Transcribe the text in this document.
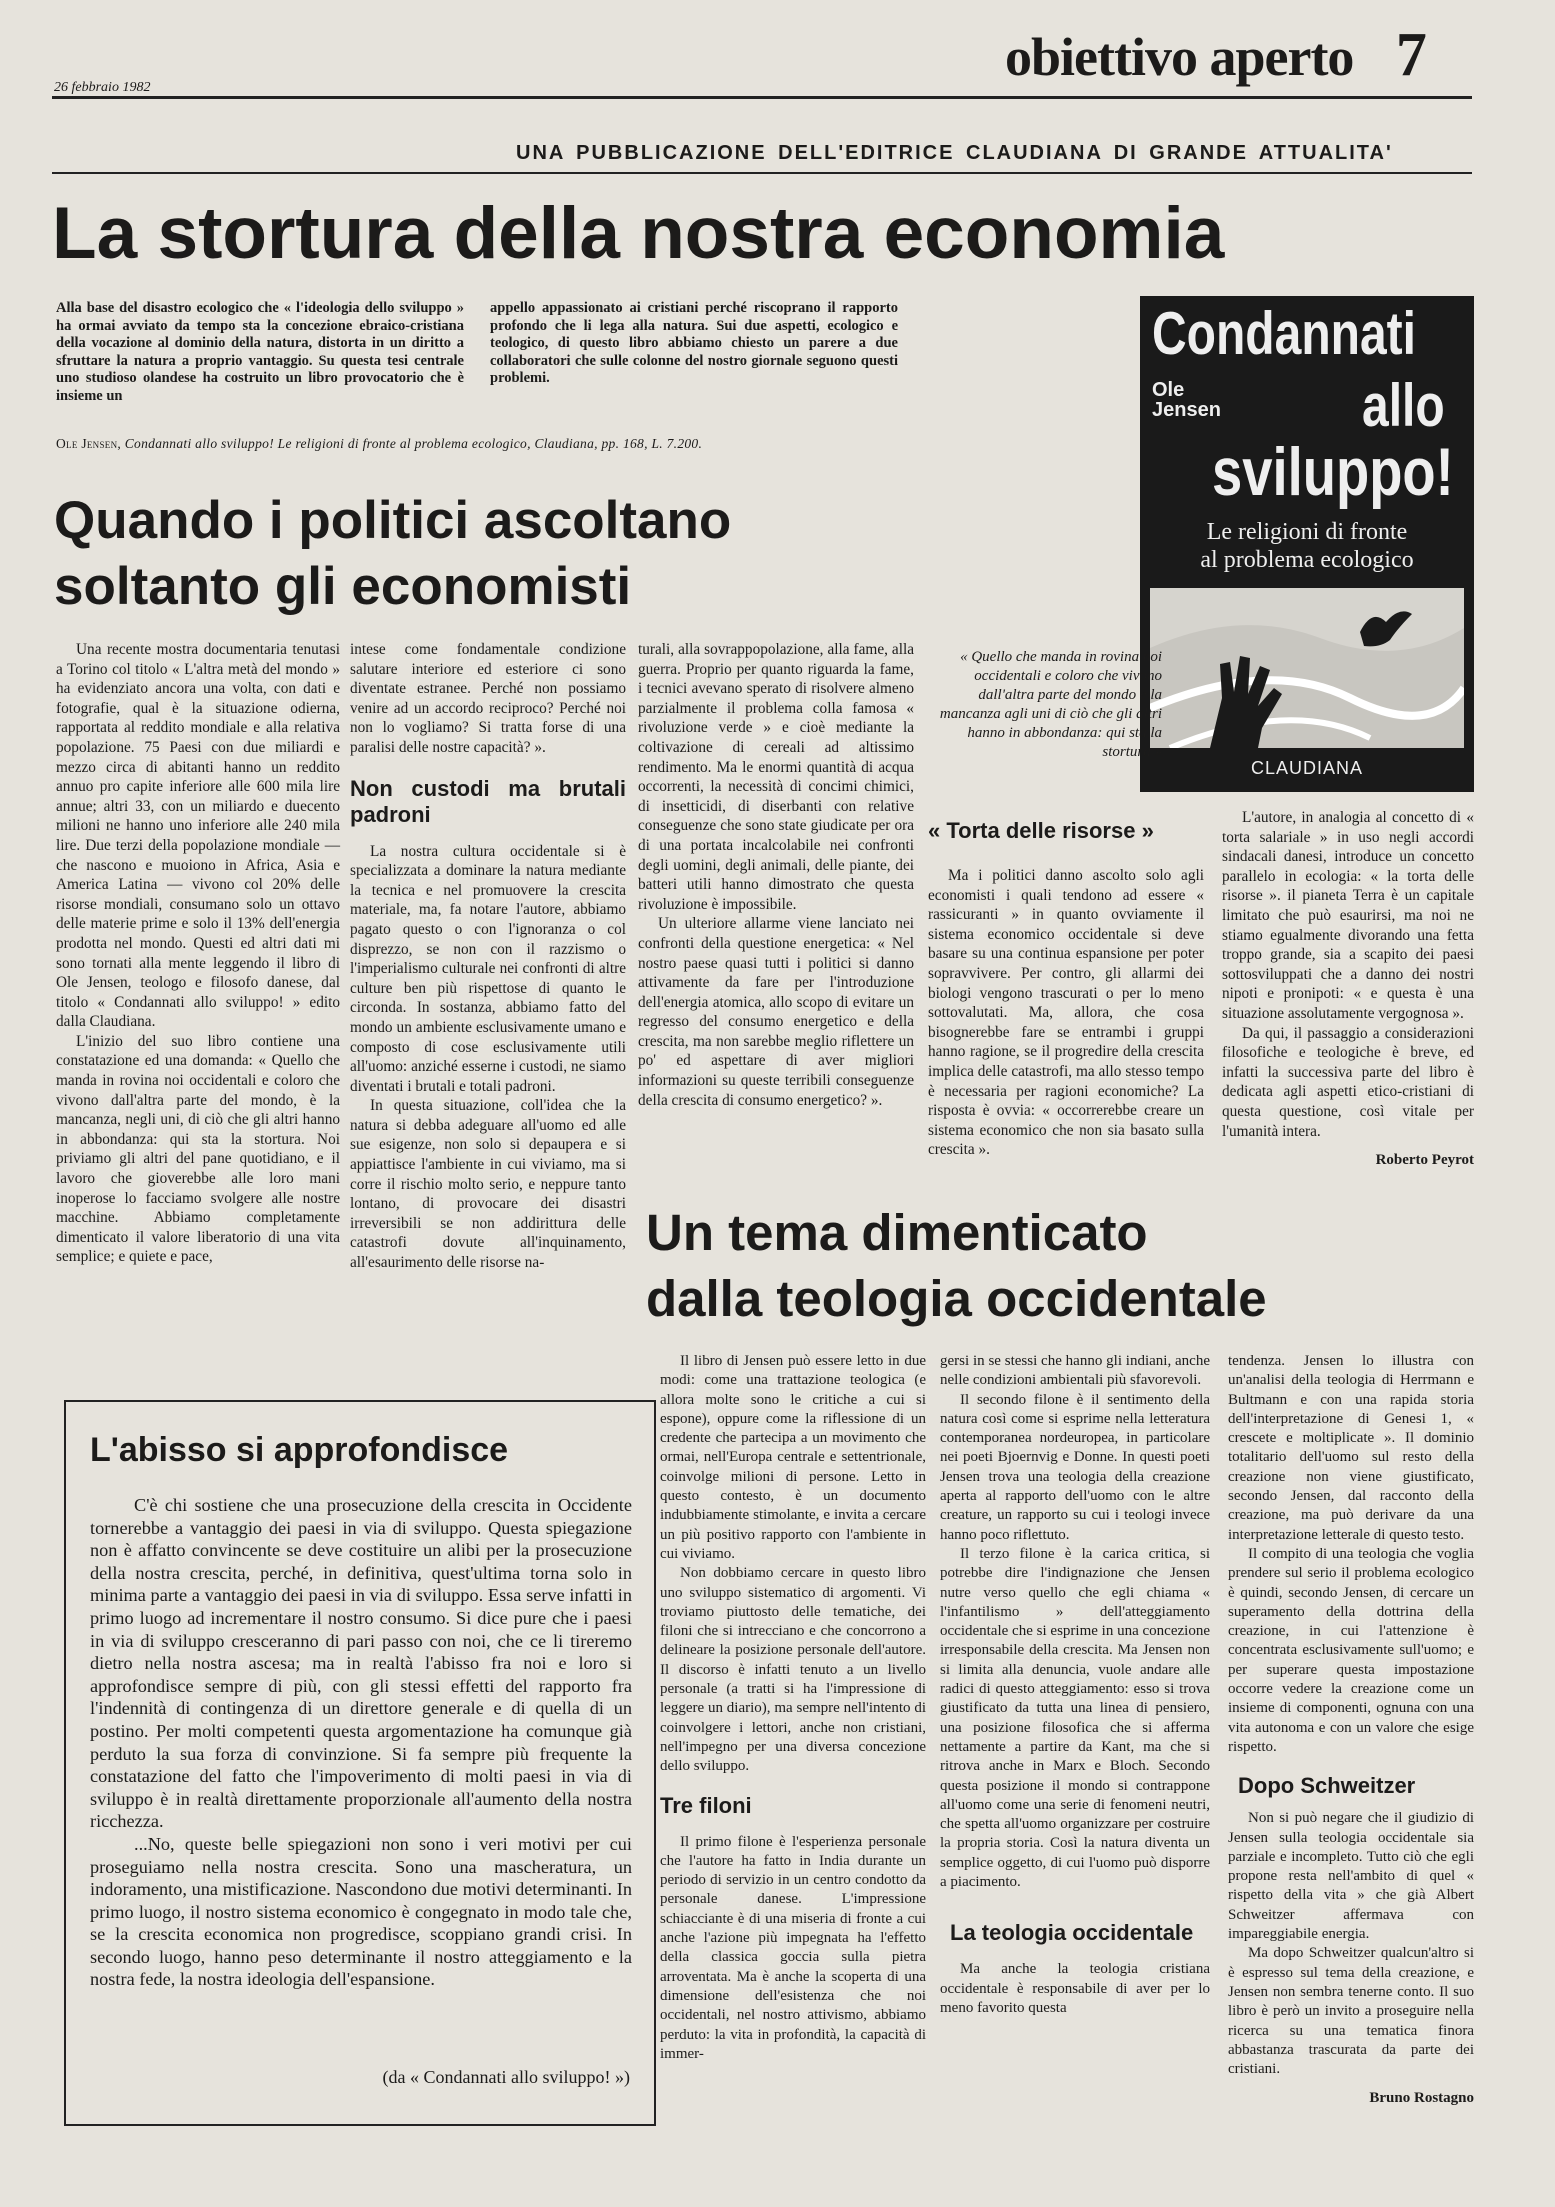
26 febbraio 1982
obiettivo aperto 7
UNA PUBBLICAZIONE DELL'EDITRICE CLAUDIANA DI GRANDE ATTUALITA'
La stortura della nostra economia

Alla base del disastro ecologico che « l'ideologia dello sviluppo » ha ormai avviato da tempo sta la concezione ebraico-cristiana della vocazione al dominio della natura, distorta in un diritto a sfruttare la natura a proprio vantaggio. Su questa tesi centrale uno studioso olandese ha costruito un libro provocatorio che è insieme un

appello appassionato ai cristiani perché riscoprano il rapporto profondo che li lega alla natura. Sui due aspetti, ecologico e teologico, di questo libro abbiamo chiesto un parere a due collaboratori che sulle colonne del nostro giornale seguono questi problemi.

Ole Jensen, Condannati allo sviluppo! Le religioni di fronte al problema ecologico, Claudiana, pp. 168, L. 7.200.
Condannati
Ole
Jensen allo
sviluppo!
Le religioni di fronte
al problema ecologico
CLAUDIANA
Quando i politici ascoltano
soltanto gli economisti

Una recente mostra documentaria tenutasi a Torino col titolo « L'altra metà del mondo » ha evidenziato ancora una volta, con dati e fotografie, qual è la situazione odierna, rapportata al reddito mondiale e alla relativa popolazione. 75 Paesi con due miliardi e mezzo circa di abitanti hanno un reddito annuo pro capite inferiore alle 600 mila lire annue; altri 33, con un miliardo e duecento milioni ne hanno uno inferiore alle 240 mila lire. Due terzi della popolazione mondiale — che nascono e muoiono in Africa, Asia e America Latina — vivono col 20% delle risorse mondiali, consumano solo un ottavo delle materie prime e solo il 13% dell'energia prodotta nel mondo. Questi ed altri dati mi sono tornati alla mente leggendo il libro di Ole Jensen, teologo e filosofo danese, dal titolo « Condannati allo sviluppo! » edito dalla Claudiana.

L'inizio del suo libro contiene una constatazione ed una domanda: « Quello che manda in rovina noi occidentali e coloro che vivono dall'altra parte del mondo, è la mancanza, negli uni, di ciò che gli altri hanno in abbondanza: qui sta la stortura. Noi priviamo gli altri del pane quotidiano, e il lavoro che gioverebbe alle loro mani inoperose lo facciamo svolgere alle nostre macchine. Abbiamo completamente dimenticato il valore liberatorio di una vita semplice; e quiete e pace,

intese come fondamentale condizione salutare interiore ed esteriore ci sono diventate estranee. Perché non possiamo venire ad un accordo reciproco? Perché noi non lo vogliamo? Si tratta forse di una paralisi delle nostre capacità? ».

Non custodi ma brutali padroni

La nostra cultura occidentale si è specializzata a dominare la natura mediante la tecnica e nel promuovere la crescita materiale, ma, fa notare l'autore, abbiamo pagato questo o con l'ignoranza o col disprezzo, se non con il razzismo o l'imperialismo culturale nei confronti di altre culture ben più rispettose di quanto le circonda. In sostanza, abbiamo fatto del mondo un ambiente esclusivamente umano e composto di cose esclusivamente utili all'uomo: anziché esserne i custodi, ne siamo diventati i brutali e totali padroni.

In questa situazione, coll'idea che la natura si debba adeguare all'uomo ed alle sue esigenze, non solo si depaupera e si appiattisce l'ambiente in cui viviamo, ma si corre il rischio molto serio, e neppure tanto lontano, di provocare dei disastri irreversibili se non addirittura delle catastrofi dovute all'inquinamento, all'esaurimento delle risorse na-

turali, alla sovrappopolazione, alla fame, alla guerra. Proprio per quanto riguarda la fame, i tecnici avevano sperato di risolvere almeno parzialmente il problema colla famosa « rivoluzione verde » e cioè mediante la coltivazione di cereali ad altissimo rendimento. Ma le enormi quantità di acqua occorrenti, la necessità di concimi chimici, di insetticidi, di diserbanti con relative conseguenze che sono state giudicate per ora di una portata incalcolabile nei confronti degli uomini, degli animali, delle piante, dei batteri utili hanno dimostrato che questa rivoluzione è impossibile.

Un ulteriore allarme viene lanciato nei confronti della questione energetica: « Nel nostro paese quasi tutti i politici si danno attivamente da fare per l'introduzione dell'energia atomica, allo scopo di evitare un regresso del consumo energetico e della crescita, ma non sarebbe meglio riflettere un po' ed aspettare di aver migliori informazioni su queste terribili conseguenze della crescita di consumo energetico? ».

« Quello che manda in rovina noi occidentali e coloro che vivono dall'altra parte del mondo è la mancanza agli uni di ciò che gli altri hanno in abbondanza: qui sta la stortura »
« Torta delle risorse »

Ma i politici danno ascolto solo agli economisti i quali tendono ad essere « rassicuranti » in quanto ovviamente il sistema economico occidentale si deve basare su una continua espansione per poter sopravvivere. Per contro, gli allarmi dei biologi vengono trascurati o per lo meno sottovalutati. Ma, allora, che cosa bisognerebbe fare se entrambi i gruppi hanno ragione, se il progredire della crescita implica delle catastrofi, ma allo stesso tempo è necessaria per ragioni economiche? La risposta è ovvia: « occorrerebbe creare un sistema economico che non sia basato sulla crescita ».

L'autore, in analogia al concetto di « torta salariale » in uso negli accordi sindacali danesi, introduce un concetto parallelo in ecologia: « la torta delle risorse ». il pianeta Terra è un capitale limitato che può esaurirsi, ma noi ne stiamo egualmente divorando una fetta troppo grande, sia a scapito dei paesi sottosviluppati che a danno dei nostri nipoti e pronipoti: « e questa è una situazione assolutamente vergognosa ».

Da qui, il passaggio a considerazioni filosofiche e teologiche è breve, ed infatti la successiva parte del libro è dedicata agli aspetti etico-cristiani di questa questione, così vitale per l'umanità intera.

Roberto Peyrot
L'abisso si approfondisce

C'è chi sostiene che una prosecuzione della crescita in Occidente tornerebbe a vantaggio dei paesi in via di sviluppo. Questa spiegazione non è affatto convincente se deve costituire un alibi per la prosecuzione della nostra crescita, perché, in definitiva, quest'ultima torna solo in minima parte a vantaggio dei paesi in via di sviluppo. Essa serve infatti in primo luogo ad incrementare il nostro consumo. Si dice pure che i paesi in via di sviluppo cresceranno di pari passo con noi, che ce li tireremo dietro nella nostra ascesa; ma in realtà l'abisso fra noi e loro si approfondisce sempre di più, con gli stessi effetti del rapporto fra l'indennità di contingenza di un direttore generale e di quella di un postino. Per molti competenti questa argomentazione ha comunque già perduto la sua forza di convinzione. Si fa sempre più frequente la constatazione del fatto che l'impoverimento di molti paesi in via di sviluppo è in realtà direttamente proporzionale all'aumento della nostra ricchezza.

...No, queste belle spiegazioni non sono i veri motivi per cui proseguiamo nella nostra crescita. Sono una mascheratura, un indoramento, una mistificazione. Nascondono due motivi determinanti. In primo luogo, il nostro sistema economico è congegnato in modo tale che, se la crescita economica non progredisce, scoppiano grandi crisi. In secondo luogo, hanno peso determinante il nostro atteggiamento e la nostra fede, la nostra ideologia dell'espansione.

(da « Condannati allo sviluppo! »)
Un tema dimenticato
dalla teologia occidentale

Il libro di Jensen può essere letto in due modi: come una trattazione teologica (e allora molte sono le critiche a cui si espone), oppure come la riflessione di un credente che partecipa a un movimento che ormai, nell'Europa centrale e settentrionale, coinvolge milioni di persone. Letto in questo contesto, è un documento indubbiamente stimolante, e invita a cercare un più positivo rapporto con l'ambiente in cui viviamo.

Non dobbiamo cercare in questo libro uno sviluppo sistematico di argomenti. Vi troviamo piuttosto delle tematiche, dei filoni che si intrecciano e che concorrono a delineare la posizione personale dell'autore. Il discorso è infatti tenuto a un livello personale (a tratti si ha l'impressione di leggere un diario), ma sempre nell'intento di coinvolgere i lettori, anche non cristiani, nell'impegno per una diversa concezione dello sviluppo.

Tre filoni

Il primo filone è l'esperienza personale che l'autore ha fatto in India durante un periodo di servizio in un centro condotto da personale danese. L'impressione schiacciante è di una miseria di fronte a cui anche l'azione più impegnata ha l'effetto della classica goccia sulla pietra arroventata. Ma è anche la scoperta di una dimensione dell'esistenza che noi occidentali, nel nostro attivismo, abbiamo perduto: la vita in profondità, la capacità di immer-

gersi in se stessi che hanno gli indiani, anche nelle condizioni ambientali più sfavorevoli.

Il secondo filone è il sentimento della natura così come si esprime nella letteratura contemporanea nordeuropea, in particolare nei poeti Bjoernvig e Donne. In questi poeti Jensen trova una teologia della creazione aperta al rapporto dell'uomo con le altre creature, un rapporto su cui i teologi invece hanno poco riflettuto.

Il terzo filone è la carica critica, si potrebbe dire l'indignazione che Jensen nutre verso quello che egli chiama « l'infantilismo » dell'atteggiamento occidentale che si esprime in una concezione irresponsabile della crescita. Ma Jensen non si limita alla denuncia, vuole andare alle radici di questo atteggiamento: esso si trova giustificato da tutta una linea di pensiero, una posizione filosofica che si afferma nettamente a partire da Kant, ma che si ritrova anche in Marx e Bloch. Secondo questa posizione il mondo si contrappone all'uomo come una serie di fenomeni neutri, che spetta all'uomo organizzare per costruire la propria storia. Così la natura diventa un semplice oggetto, di cui l'uomo può disporre a piacimento.

La teologia occidentale

Ma anche la teologia cristiana occidentale è responsabile di aver per lo meno favorito questa

tendenza. Jensen lo illustra con un'analisi della teologia di Herrmann e Bultmann e con una rapida storia dell'interpretazione di Genesi 1, « crescete e moltiplicate ». Il dominio totalitario dell'uomo sul resto della creazione non viene giustificato, secondo Jensen, dal racconto della creazione, ma può derivare da una interpretazione letterale di questo testo.

Il compito di una teologia che voglia prendere sul serio il problema ecologico è quindi, secondo Jensen, di cercare un superamento della dottrina della creazione, in cui l'attenzione è concentrata esclusivamente sull'uomo; e per superare questa impostazione occorre vedere la creazione come un insieme di componenti, ognuna con una vita autonoma e con un valore che esige rispetto.

Dopo Schweitzer

Non si può negare che il giudizio di Jensen sulla teologia occidentale sia parziale e incompleto. Tutto ciò che egli propone resta nell'ambito di quel « rispetto della vita » che già Albert Schweitzer affermava con impareggiabile energia.

Ma dopo Schweitzer qualcun'altro si è espresso sul tema della creazione, e Jensen non sembra tenerne conto. Il suo libro è però un invito a proseguire nella ricerca su una tematica finora abbastanza trascurata da parte dei cristiani.

Bruno Rostagno
